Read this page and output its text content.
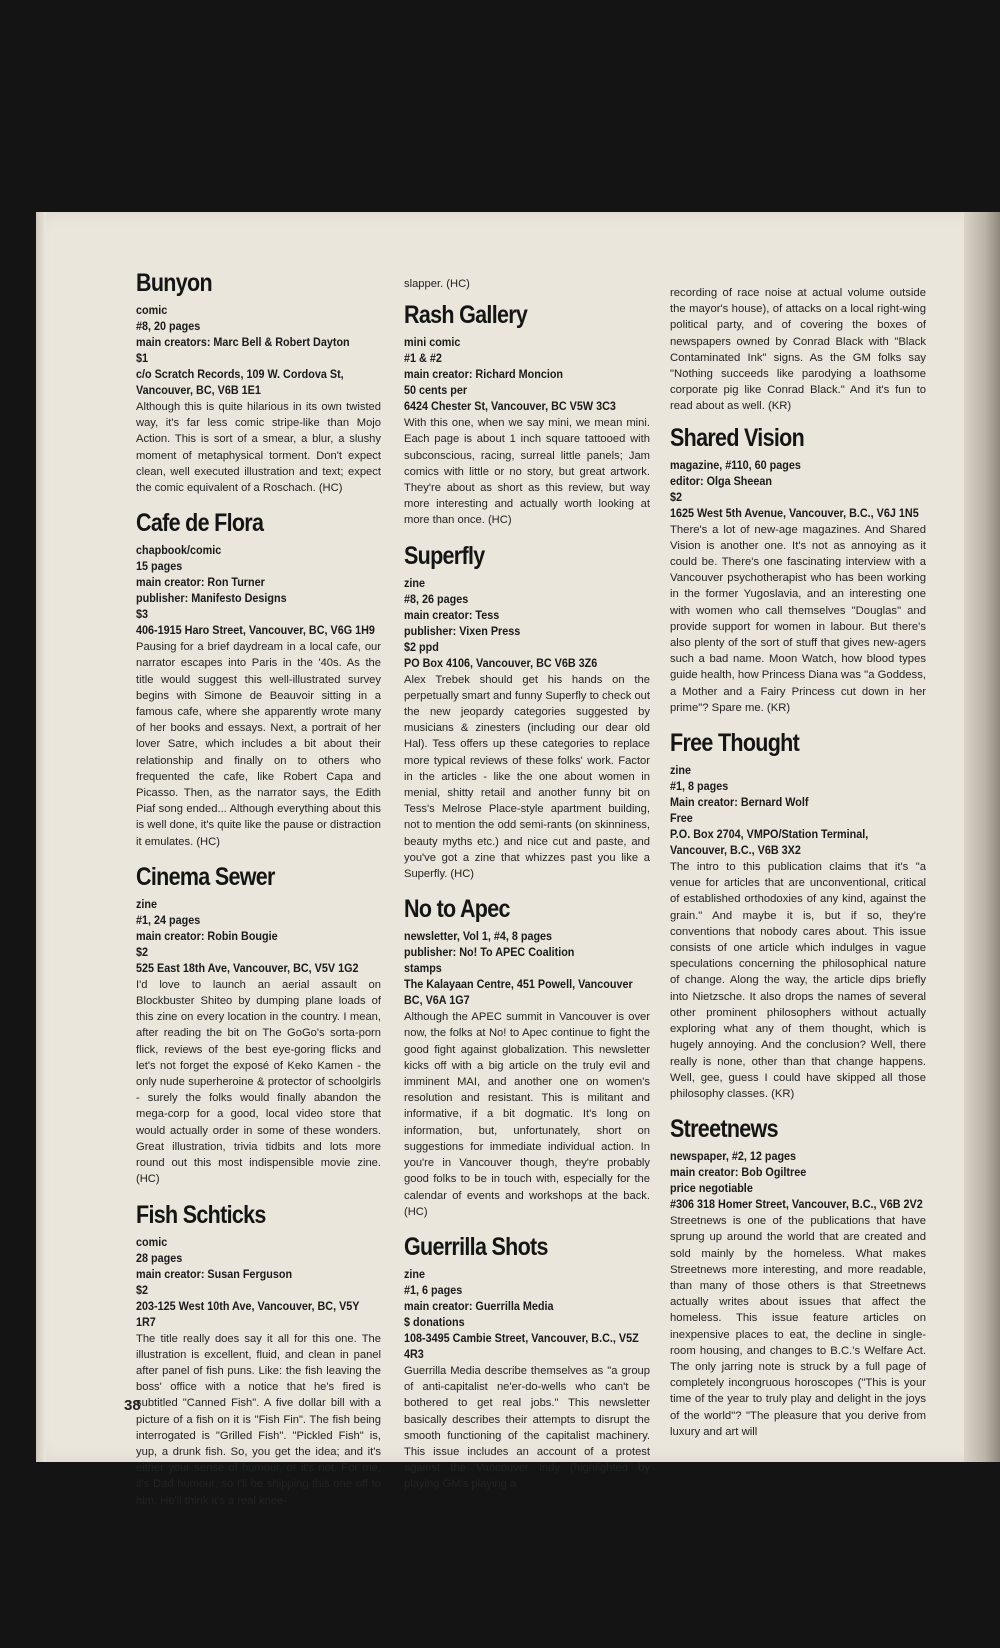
Bunyon
comic
#8, 20 pages
main creators: Marc Bell & Robert Dayton
$1
c/o Scratch Records, 109 W. Cordova St, Vancouver, BC, V6B 1E1
Although this is quite hilarious in its own twisted way, it's far less comic stripe-like than Mojo Action. This is sort of a smear, a blur, a slushy moment of metaphysical torment. Don't expect clean, well executed illustration and text; expect the comic equivalent of a Roschach. (HC)
Cafe de Flora
chapbook/comic
15 pages
main creator: Ron Turner
publisher: Manifesto Designs
$3
406-1915 Haro Street, Vancouver, BC, V6G 1H9
Pausing for a brief daydream in a local cafe, our narrator escapes into Paris in the '40s. As the title would suggest this well-illustrated survey begins with Simone de Beauvoir sitting in a famous cafe, where she apparently wrote many of her books and essays. Next, a portrait of her lover Satre, which includes a bit about their relationship and finally on to others who frequented the cafe, like Robert Capa and Picasso. Then, as the narrator says, the Edith Piaf song ended... Although everything about this is well done, it's quite like the pause or distraction it emulates. (HC)
Cinema Sewer
zine
#1, 24 pages
main creator: Robin Bougie
$2
525 East 18th Ave, Vancouver, BC, V5V 1G2
I'd love to launch an aerial assault on Blockbuster Shiteo by dumping plane loads of this zine on every location in the country. I mean, after reading the bit on The GoGo's sorta-porn flick, reviews of the best eye-goring flicks and let's not forget the exposé of Keko Kamen - the only nude superheroine & protector of schoolgirls - surely the folks would finally abandon the mega-corp for a good, local video store that would actually order in some of these wonders. Great illustration, trivia tidbits and lots more round out this most indispensible movie zine. (HC)
Fish Schticks
comic
28 pages
main creator: Susan Ferguson
$2
203-125 West 10th Ave, Vancouver, BC, V5Y 1R7
The title really does say it all for this one. The illustration is excellent, fluid, and clean in panel after panel of fish puns. Like: the fish leaving the boss' office with a notice that he's fired is subtitled "Canned Fish". A five dollar bill with a picture of a fish on it is "Fish Fin". The fish being interrogated is "Grilled Fish". "Pickled Fish" is, yup, a drunk fish. So, you get the idea; and it's either your sense of humour, or it's not. For me, it's Dad humour, so I'll be shipping this one off to him. He'll think it's a real knee-
slapper. (HC)
Rash Gallery
mini comic
#1 & #2
main creator: Richard Moncion
50 cents per
6424 Chester St, Vancouver, BC V5W 3C3
With this one, when we say mini, we mean mini. Each page is about 1 inch square tattooed with subconscious, racing, surreal little panels; Jam comics with little or no story, but great artwork. They're about as short as this review, but way more interesting and actually worth looking at more than once. (HC)
Superfly
zine
#8, 26 pages
main creator: Tess
publisher: Vixen Press
$2 ppd
PO Box 4106, Vancouver, BC V6B 3Z6
Alex Trebek should get his hands on the perpetually smart and funny Superfly to check out the new jeopardy categories suggested by musicians & zinesters (including our dear old Hal). Tess offers up these categories to replace more typical reviews of these folks' work. Factor in the articles - like the one about women in menial, shitty retail and another funny bit on Tess's Melrose Place-style apartment building, not to mention the odd semi-rants (on skinniness, beauty myths etc.) and nice cut and paste, and you've got a zine that whizzes past you like a Superfly. (HC)
No to Apec
newsletter, Vol 1, #4, 8 pages
publisher: No! To APEC Coalition
stamps
The Kalayaan Centre, 451 Powell, Vancouver BC, V6A 1G7
Although the APEC summit in Vancouver is over now, the folks at No! to Apec continue to fight the good fight against globalization. This newsletter kicks off with a big article on the truly evil and imminent MAI, and another one on women's resolution and resistant. This is militant and informative, if a bit dogmatic. It's long on information, but, unfortunately, short on suggestions for immediate individual action. In you're in Vancouver though, they're probably good folks to be in touch with, especially for the calendar of events and workshops at the back. (HC)
Guerrilla Shots
zine
#1, 6 pages
main creator: Guerrilla Media
$ donations
108-3495 Cambie Street, Vancouver, B.C., V5Z 4R3
Guerrilla Media describe themselves as "a group of anti-capitalist ne'er-do-wells who can't be bothered to get real jobs." This newsletter basically describes their attempts to disrupt the smooth functioning of the capitalist machinery. This issue includes an account of a protest against the Vancouver Indy (highlighted by playing GM's playing a
recording of race noise at actual volume outside the mayor's house), of attacks on a local right-wing political party, and of covering the boxes of newspapers owned by Conrad Black with "Black Contaminated Ink" signs. As the GM folks say "Nothing succeeds like parodying a loathsome corporate pig like Conrad Black." And it's fun to read about as well. (KR)
Shared Vision
magazine, #110, 60 pages
editor: Olga Sheean
$2
1625 West 5th Avenue, Vancouver, B.C., V6J 1N5
There's a lot of new-age magazines. And Shared Vision is another one. It's not as annoying as it could be. There's one fascinating interview with a Vancouver psychotherapist who has been working in the former Yugoslavia, and an interesting one with women who call themselves "Douglas" and provide support for women in labour. But there's also plenty of the sort of stuff that gives new-agers such a bad name. Moon Watch, how blood types guide health, how Princess Diana was "a Goddess, a Mother and a Fairy Princess cut down in her prime"? Spare me. (KR)
Free Thought
zine
#1, 8 pages
Main creator: Bernard Wolf
Free
P.O. Box 2704, VMPO/Station Terminal, Vancouver, B.C., V6B 3X2
The intro to this publication claims that it's "a venue for articles that are unconventional, critical of established orthodoxies of any kind, against the grain." And maybe it is, but if so, they're conventions that nobody cares about. This issue consists of one article which indulges in vague speculations concerning the philosophical nature of change. Along the way, the article dips briefly into Nietzsche. It also drops the names of several other prominent philosophers without actually exploring what any of them thought, which is hugely annoying. And the conclusion? Well, there really is none, other than that change happens. Well, gee, guess I could have skipped all those philosophy classes. (KR)
Streetnews
newspaper, #2, 12 pages
main creator: Bob Ogiltree
price negotiable
#306 318 Homer Street, Vancouver, B.C., V6B 2V2
Streetnews is one of the publications that have sprung up around the world that are created and sold mainly by the homeless. What makes Streetnews more interesting, and more readable, than many of those others is that Streetnews actually writes about issues that affect the homeless. This issue feature articles on inexpensive places to eat, the decline in single-room housing, and changes to B.C.'s Welfare Act. The only jarring note is struck by a full page of completely incongruous horoscopes ("This is your time of the year to truly play and delight in the joys of the world"? "The pleasure that you derive from luxury and art will
38
